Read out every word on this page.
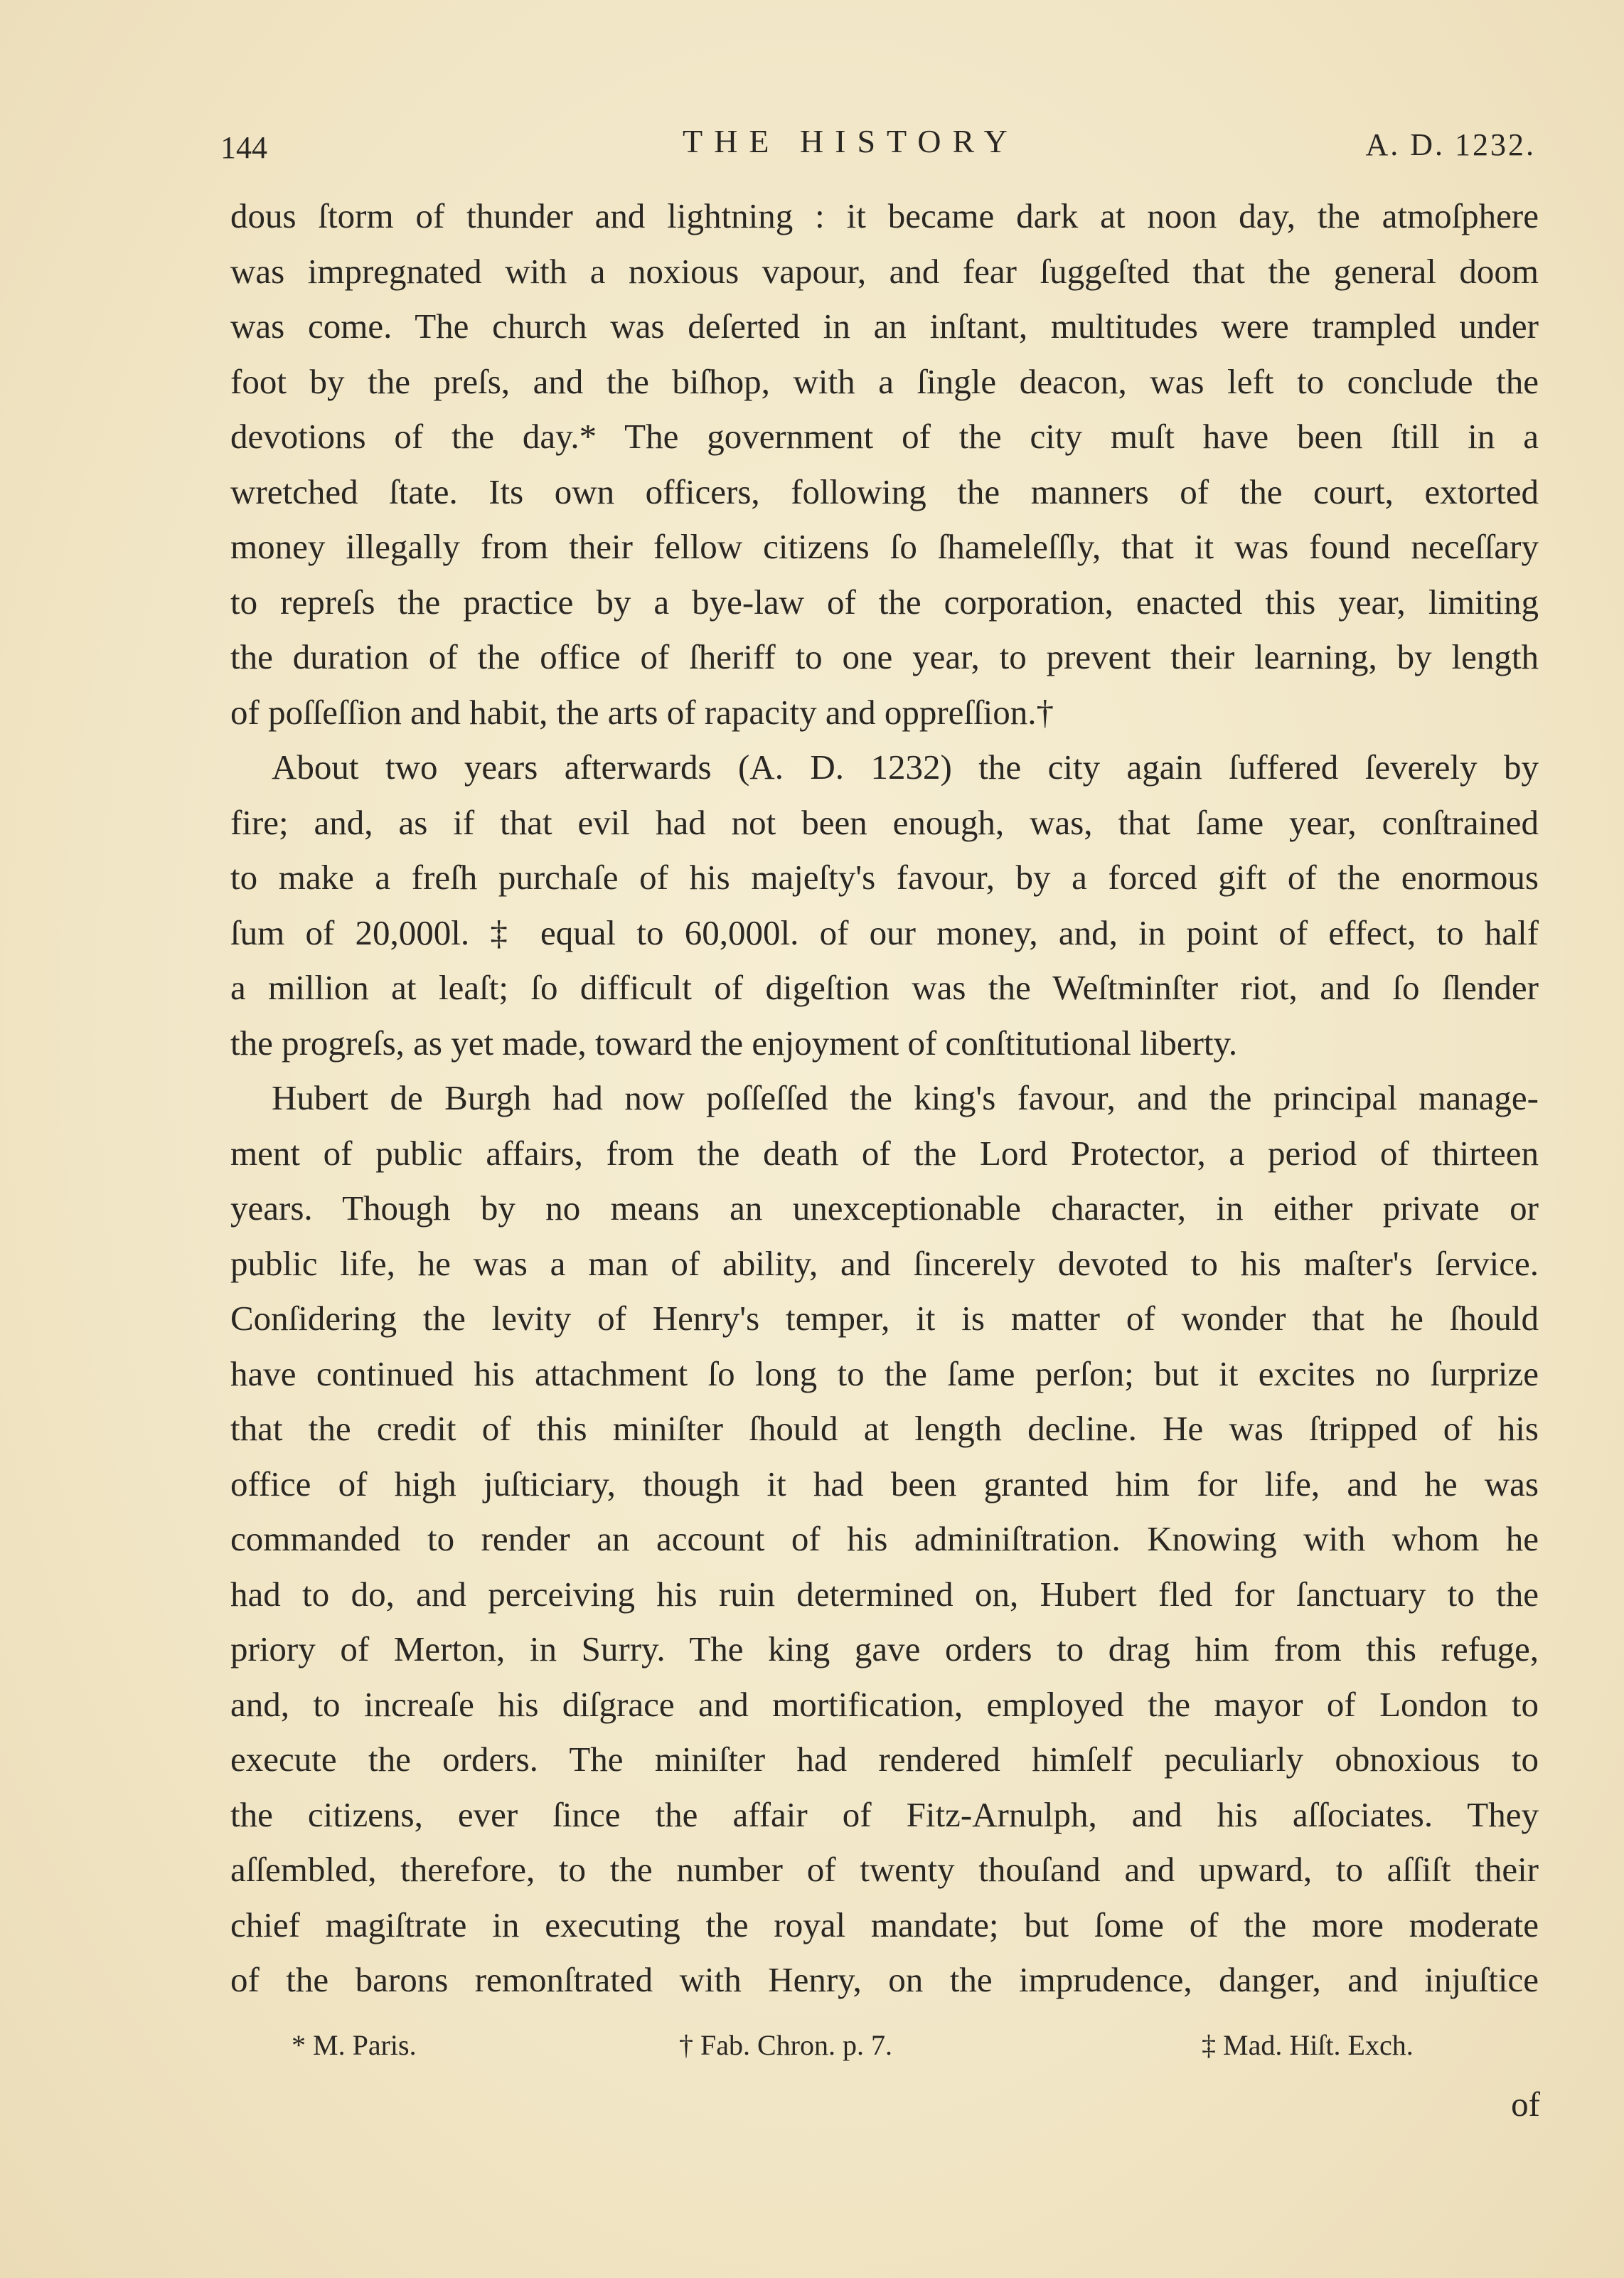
144	THE HISTORY	A. D. 1232.
dous ſtorm of thunder and lightning : it became dark at noon day, the atmoſphere
was impregnated with a noxious vapour, and fear ſuggeſted that the general doom
was come. The church was deſerted in an inſtant, multitudes were trampled under
foot by the preſs, and the biſhop, with a ſingle deacon, was left to conclude the
devotions of the day.* The government of the city muſt have been ſtill in a
wretched ſtate. Its own officers, following the manners of the court, extorted
money illegally from their fellow citizens ſo ſhameleſſly, that it was found neceſſary
to repreſs the practice by a bye-law of the corporation, enacted this year, limiting
the duration of the office of ſheriff to one year, to prevent their learning, by length
of poſſeſſion and habit, the arts of rapacity and oppreſſion.†
About two years afterwards (A. D. 1232) the city again ſuffered ſeverely by
fire; and, as if that evil had not been enough, was, that ſame year, conſtrained
to make a freſh purchaſe of his majeſty's favour, by a forced gift of the enormous
ſum of 20,000l. ‡ equal to 60,000l. of our money, and, in point of effect, to half
a million at leaſt; ſo difficult of digeſtion was the Weſtminſter riot, and ſo ſlender
the progreſs, as yet made, toward the enjoyment of conſtitutional liberty.
Hubert de Burgh had now poſſeſſed the king's favour, and the principal manage-
ment of public affairs, from the death of the Lord Protector, a period of thirteen
years. Though by no means an unexceptionable character, in either private or
public life, he was a man of ability, and ſincerely devoted to his maſter's ſervice.
Conſidering the levity of Henry's temper, it is matter of wonder that he ſhould
have continued his attachment ſo long to the ſame perſon; but it excites no ſurprize
that the credit of this miniſter ſhould at length decline. He was ſtripped of his
office of high juſticiary, though it had been granted him for life, and he was
commanded to render an account of his adminiſtration. Knowing with whom he
had to do, and perceiving his ruin determined on, Hubert fled for ſanctuary to the
priory of Merton, in Surry. The king gave orders to drag him from this refuge,
and, to increaſe his diſgrace and mortification, employed the mayor of London to
execute the orders. The miniſter had rendered himſelf peculiarly obnoxious to
the citizens, ever ſince the affair of Fitz-Arnulph, and his aſſociates. They
aſſembled, therefore, to the number of twenty thouſand and upward, to aſſiſt their
chief magiſtrate in executing the royal mandate; but ſome of the more moderate
of the barons remonſtrated with Henry, on the imprudence, danger, and injuſtice
* M. Paris.	† Fab. Chron. p. 7.	‡ Mad. Hiſt. Exch.
of
